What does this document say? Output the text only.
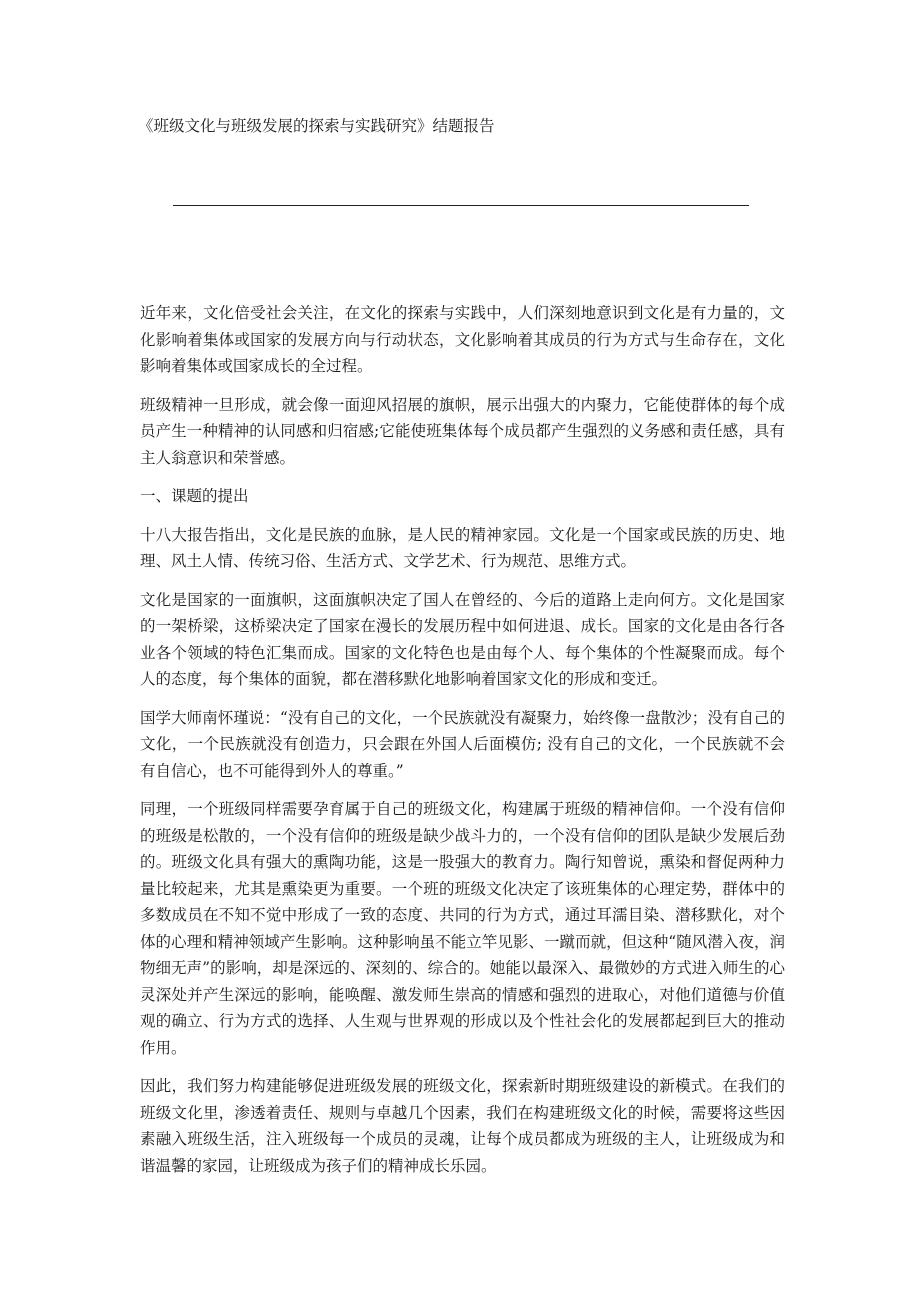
《班级文化与班级发展的探索与实践研究》结题报告

近年来，文化倍受社会关注，在文化的探索与实践中，人们深刻地意识到文化是有力量的，文化影响着集体或国家的发展方向与行动状态，文化影响着其成员的行为方式与生命存在，文化影响着集体或国家成长的全过程。

班级精神一旦形成，就会像一面迎风招展的旗帜，展示出强大的内聚力，它能使群体的每个成员产生一种精神的认同感和归宿感;它能使班集体每个成员都产生强烈的义务感和责任感，具有主人翁意识和荣誉感。

一、课题的提出

十八大报告指出，文化是民族的血脉，是人民的精神家园。文化是一个国家或民族的历史、地理、风土人情、传统习俗、生活方式、文学艺术、行为规范、思维方式。

文化是国家的一面旗帜，这面旗帜决定了国人在曾经的、今后的道路上走向何方。文化是国家的一架桥梁，这桥梁决定了国家在漫长的发展历程中如何进退、成长。国家的文化是由各行各业各个领域的特色汇集而成。国家的文化特色也是由每个人、每个集体的个性凝聚而成。每个人的态度，每个集体的面貌，都在潜移默化地影响着国家文化的形成和变迁。

国学大师南怀瑾说：“没有自己的文化，一个民族就没有凝聚力，始终像一盘散沙；没有自己的文化，一个民族就没有创造力，只会跟在外国人后面模仿; 没有自己的文化，一个民族就不会有自信心，也不可能得到外人的尊重。”

同理，一个班级同样需要孕育属于自己的班级文化，构建属于班级的精神信仰。一个没有信仰的班级是松散的，一个没有信仰的班级是缺少战斗力的，一个没有信仰的团队是缺少发展后劲的。班级文化具有强大的熏陶功能，这是一股强大的教育力。陶行知曾说，熏染和督促两种力量比较起来，尤其是熏染更为重要。一个班的班级文化决定了该班集体的心理定势，群体中的多数成员在不知不觉中形成了一致的态度、共同的行为方式，通过耳濡目染、潜移默化，对个体的心理和精神领域产生影响。这种影响虽不能立竿见影、一蹴而就，但这种“随风潜入夜，润物细无声”的影响，却是深远的、深刻的、综合的。她能以最深入、最微妙的方式进入师生的心灵深处并产生深远的影响，能唤醒、激发师生崇高的情感和强烈的进取心，对他们道德与价值观的确立、行为方式的选择、人生观与世界观的形成以及个性社会化的发展都起到巨大的推动作用。

因此，我们努力构建能够促进班级发展的班级文化，探索新时期班级建设的新模式。在我们的班级文化里，渗透着责任、规则与卓越几个因素，我们在构建班级文化的时候，需要将这些因素融入班级生活，注入班级每一个成员的灵魂，让每个成员都成为班级的主人，让班级成为和谐温馨的家园，让班级成为孩子们的精神成长乐园。
